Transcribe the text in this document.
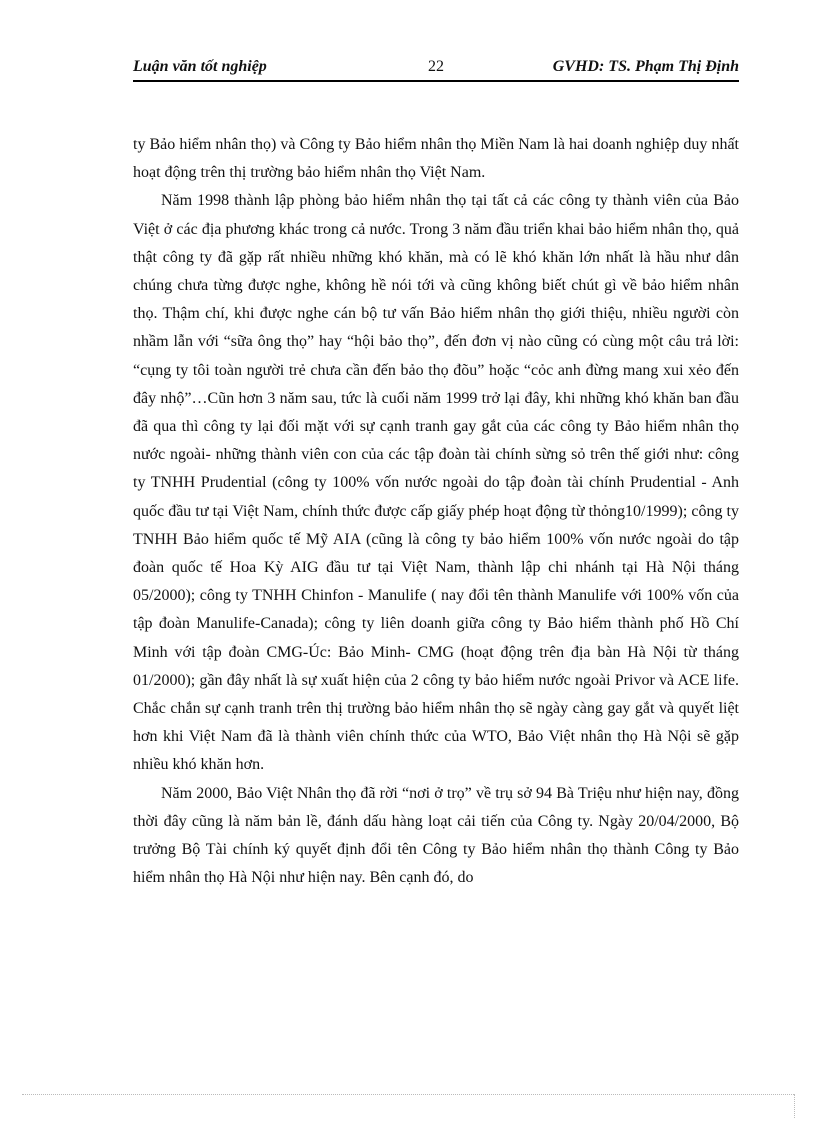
Luận văn tốt nghiệp	22	GVHD: TS. Phạm Thị Định

ty Bảo hiểm nhân thọ) và Công ty Bảo hiểm nhân thọ Miền Nam là hai doanh nghiệp duy nhất hoạt động trên thị trường bảo hiểm nhân thọ Việt Nam.

Năm 1998 thành lập phòng bảo hiểm nhân thọ tại tất cả các công ty thành viên của Bảo Việt ở các địa phương khác trong cả nước. Trong 3 năm đầu triển khai bảo hiểm nhân thọ, quả thật công ty đã gặp rất nhiều những khó khăn, mà có lẽ khó khăn lớn nhất là hầu như dân chúng chưa từng được nghe, không hề nói tới và cũng không biết chút gì về bảo hiểm nhân thọ. Thậm chí, khi được nghe cán bộ tư vấn Bảo hiểm nhân thọ giới thiệu, nhiều người còn nhầm lẫn với “sữa ông thọ” hay “hội bảo thọ”, đến đơn vị nào cũng có cùng một câu trả lời: “cụng ty tôi toàn người trẻ chưa cần đến bảo thọ đõu” hoặc “cỏc anh đừng mang xui xẻo đến đây nhộ”…Cũn hơn 3 năm sau, tức là cuối năm 1999 trở lại đây, khi những khó khăn ban đầu đã qua thì công ty lại đối mặt với sự cạnh tranh gay gắt của các công ty Bảo hiểm nhân thọ nước ngoài- những thành viên con của các tập đoàn tài chính sừng sỏ trên thế giới như: công ty TNHH Prudential (công ty 100% vốn nước ngoài do tập đoàn tài chính Prudential - Anh quốc đầu tư tại Việt Nam, chính thức được cấp giấy phép hoạt động từ thỏng10/1999); công ty TNHH Bảo hiểm quốc tế Mỹ AIA (cũng là công ty bảo hiểm 100% vốn nước ngoài do tập đoàn quốc tế Hoa Kỳ AIG đầu tư tại Việt Nam, thành lập chi nhánh tại Hà Nội tháng 05/2000); công ty TNHH Chinfon - Manulife ( nay đổi tên thành Manulife với 100% vốn của tập đoàn Manulife-Canada); công ty liên doanh giữa công ty Bảo hiểm thành phố Hồ Chí Minh với tập đoàn CMG-Úc: Bảo Minh- CMG (hoạt động trên địa bàn Hà Nội từ tháng 01/2000); gần đây nhất là sự xuất hiện của 2 công ty bảo hiểm nước ngoài Privor và ACE life. Chắc chắn sự cạnh tranh trên thị trường bảo hiểm nhân thọ sẽ ngày càng gay gắt và quyết liệt hơn khi Việt Nam đã là thành viên chính thức của WTO, Bảo Việt nhân thọ Hà Nội sẽ gặp nhiều khó khăn hơn.

Năm 2000, Bảo Việt Nhân thọ đã rời “nơi ở trọ” về trụ sở 94 Bà Triệu như hiện nay, đồng thời đây cũng là năm bản lề, đánh dấu hàng loạt cải tiến của Công ty. Ngày 20/04/2000, Bộ trưởng Bộ Tài chính ký quyết định đổi tên Công ty Bảo hiểm nhân thọ thành Công ty Bảo hiểm nhân thọ Hà Nội như hiện nay. Bên cạnh đó, do
